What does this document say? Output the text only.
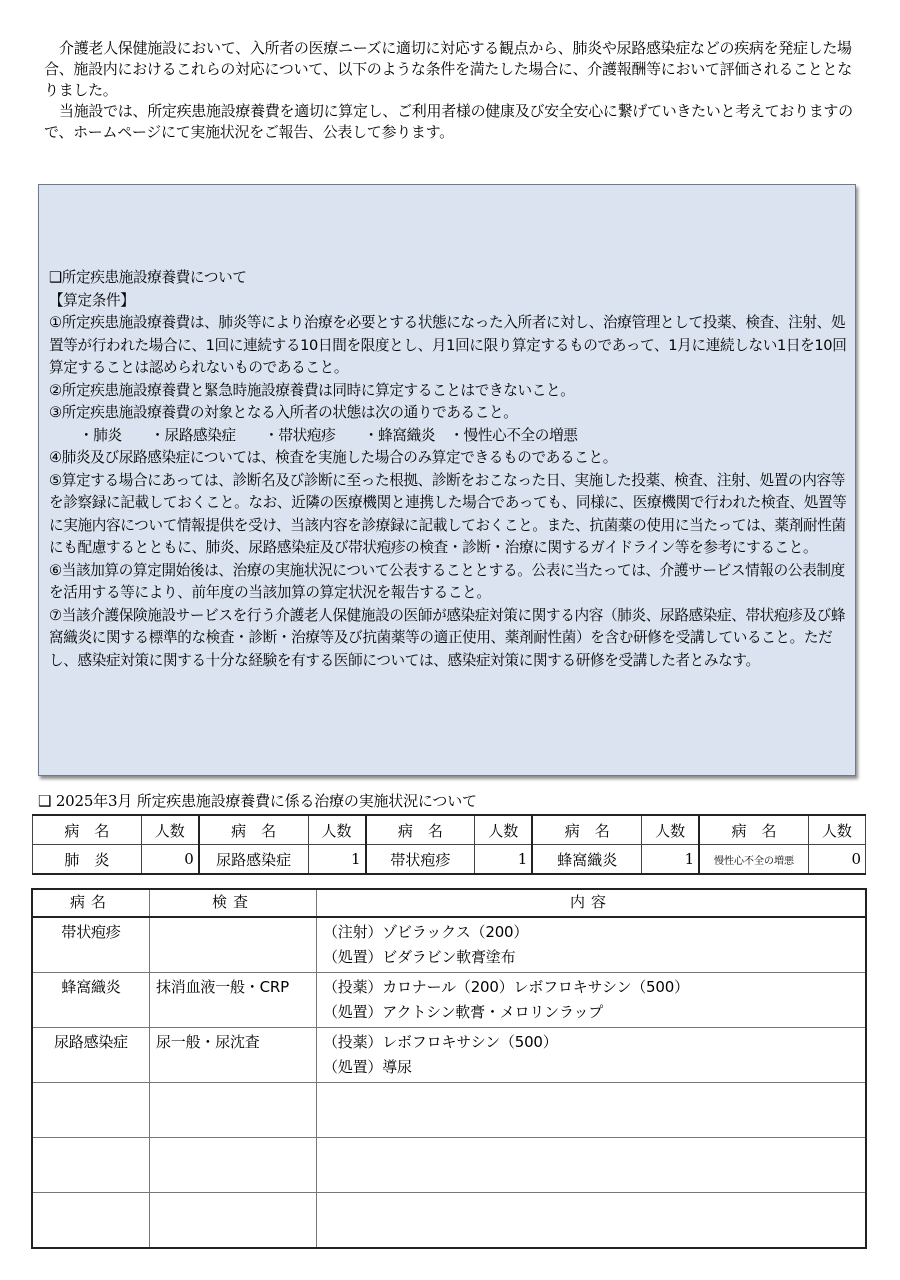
介護老人保健施設において、入所者の医療ニーズに適切に対応する観点から、肺炎や尿路感染症などの疾病を発症した場合、施設内におけるこれらの対応について、以下のような条件を満たした場合に、介護報酬等において評価されることとなりました。

当施設では、所定疾患施設療養費を適切に算定し、ご利用者様の健康及び安全安心に繋げていきたいと考えておりますので、ホームページにて実施状況をご報告、公表して参ります。

❑所定疾患施設療養費について
【算定条件】
①所定疾患施設療養費は、肺炎等により治療を必要とする状態になった入所者に対し、治療管理として投薬、検査、注射、処置等が行われた場合に、1回に連続する10日間を限度とし、月1回に限り算定するものであって、1月に連続しない1日を10回算定することは認められないものであること。
②所定疾患施設療養費と緊急時施設療養費は同時に算定することはできないこと。
③所定疾患施設療養費の対象となる入所者の状態は次の通りであること。
・肺炎　　・尿路感染症　　・帯状疱疹　　・蜂窩織炎　・慢性心不全の増悪
④肺炎及び尿路感染症については、検査を実施した場合のみ算定できるものであること。
⑤算定する場合にあっては、診断名及び診断に至った根拠、診断をおこなった日、実施した投薬、検査、注射、処置の内容等を診察録に記載しておくこと。なお、近隣の医療機関と連携した場合であっても、同様に、医療機関で行われた検査、処置等に実施内容について情報提供を受け、当該内容を診療録に記載しておくこと。また、抗菌薬の使用に当たっては、薬剤耐性菌にも配慮するとともに、肺炎、尿路感染症及び帯状疱疹の検査・診断・治療に関するガイドライン等を参考にすること。
⑥当該加算の算定開始後は、治療の実施状況について公表することとする。公表に当たっては、介護サービス情報の公表制度を活用する等により、前年度の当該加算の算定状況を報告すること。
⑦当該介護保険施設サービスを行う介護老人保健施設の医師が感染症対策に関する内容（肺炎、尿路感染症、帯状疱疹及び蜂窩織炎に関する標準的な検査・診断・治療等及び抗菌薬等の適正使用、薬剤耐性菌）を含む研修を受講していること。ただし、感染症対策に関する十分な経験を有する医師については、感染症対策に関する研修を受講した者とみなす。
❑ 2025年3月 所定疾患施設療養費に係る治療の実施状況について
病　名	人数	病　名	人数	病　名	人数	病　名	人数	病　名	人数
肺　炎	0	尿路感染症	1	帯状疱疹	1	蜂窩織炎	1	慢性心不全の増悪	0
病名	検査	内容
帯状疱疹		（注射）ゾビラックス（200）
（処置）ビダラビン軟膏塗布

蜂窩織炎	抹消血液一般・CRP	（投薬）カロナール（200）レボフロキサシン（500）
（処置）アクトシン軟膏・メロリンラップ

尿路感染症	尿一般・尿沈査	（投薬）レボフロキサシン（500）
（処置）導尿
